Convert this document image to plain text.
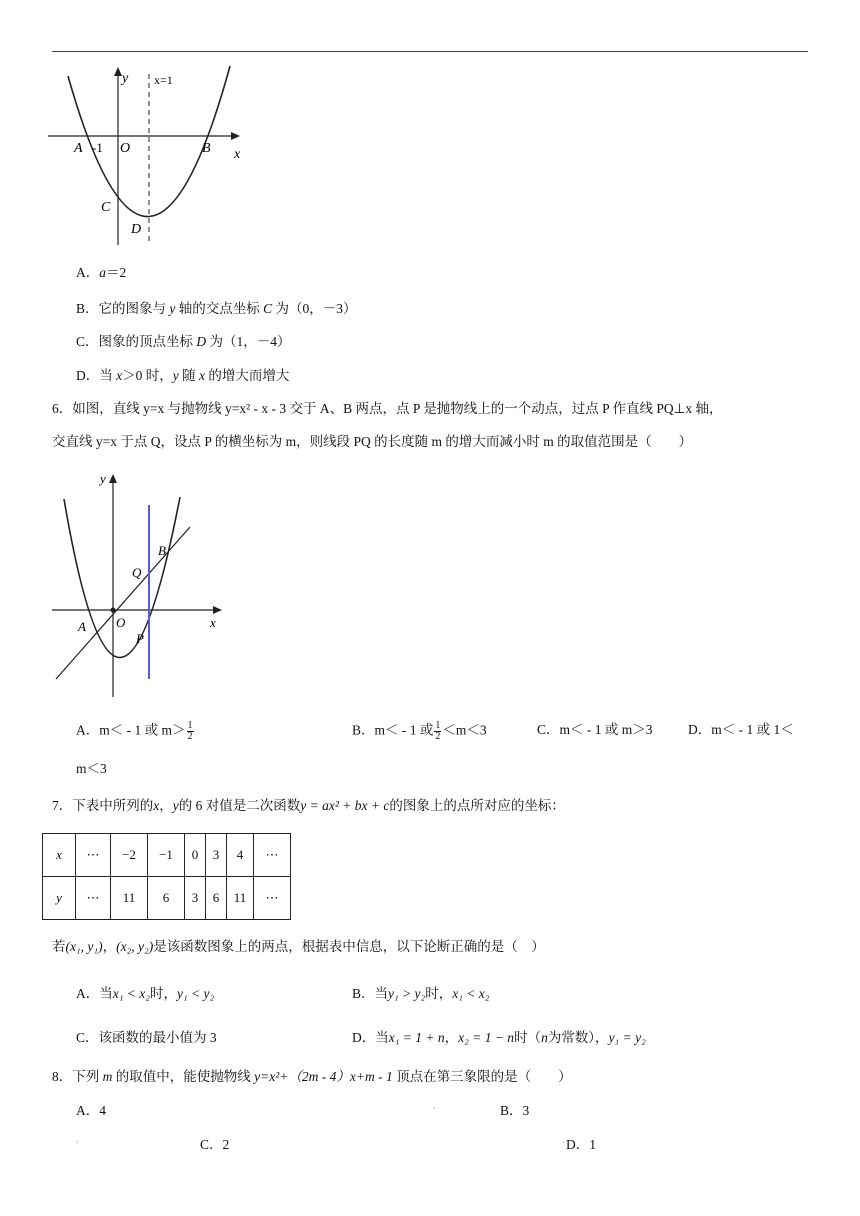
y x=1
x
A -1 O	B
C
D
A．a＝2
B．它的图象与 y 轴的交点坐标 C 为（0，－3）
C．图象的顶点坐标 D 为（1，－4）
D．当 x＞0 时，y 随 x 的增大而增大
6．如图，直线 y=x 与抛物线 y=x² - x - 3 交于 A、B 两点，点 P 是抛物线上的一个动点，过点 P 作直线 PQ⊥x 轴，
交直线 y=x 于点 Q，设点 P 的横坐标为 m，则线段 PQ 的长度随 m 的增大而减小时 m 的取值范围是（　　）
y
x
A O
B
Q
P
A．m＜ - 1 或 $m> \frac{1}{2}$	B．m＜ - 1 或 $\frac{1}{2} <m<3$	C．m＜ - 1 或 m＞3	D．m＜ - 1 或 1＜
m＜3
7．下表中所列的x，y的 6 对值是二次函数y = ax² + bx + c的图象上的点所对应的坐标：
x	⋯	−2	−1	0	3	4	⋯
y	⋯	11	6	3	6	11	⋯
若(x₁, y₁)，(x₂, y₂)是该函数图象上的两点，根据表中信息，以下论断正确的是（　）
A．当x₁ < x₂时，y₁ < y₂	B．当y₁ > y₂时，x₁ < x₂
C．该函数的最小值为 3	D．当x₁ = 1 + n，x₂ = 1 − n时（n为常数），y₁ = y₂
8．下列 m 的取值中，能使抛物线 y=x²+（2m - 4）x+m - 1 顶点在第三象限的是（　　）
A．4	'	B．3
'	C．2	' D．1
